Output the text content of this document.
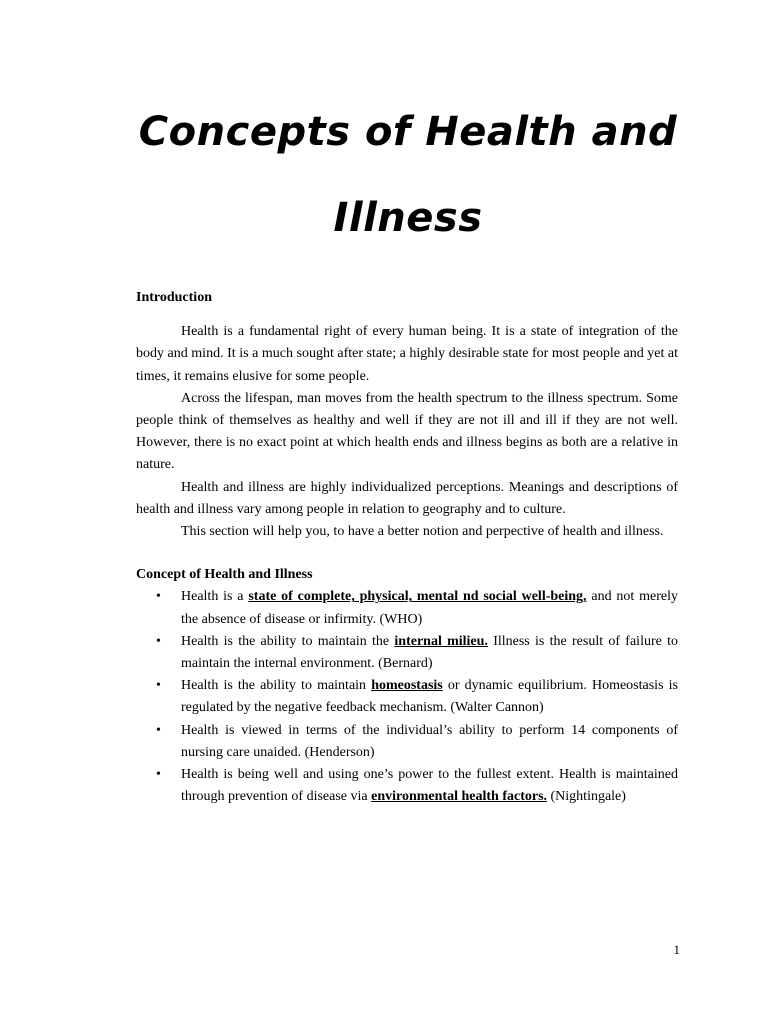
Concepts of Health and
Illness

Introduction

Health is a fundamental right of every human being. It is a state of integration of the body and mind. It is a much sought after state; a highly desirable state for most people and yet at times, it remains elusive for some people.

Across the lifespan, man moves from the health spectrum to the illness spectrum. Some people think of themselves as healthy and well if they are not ill and ill if they are not well. However, there is no exact point at which health ends and illness begins as both are a relative in nature.

Health and illness are highly individualized perceptions. Meanings and descriptions of health and illness vary among people in relation to geography and to culture.

This section will help you, to have a better notion and perpective of health and illness.

Concept of Health and Illness

• Health is a state of complete, physical, mental nd social well-being, and not merely the absence of disease or infirmity. (WHO)
• Health is the ability to maintain the internal milieu. Illness is the result of failure to maintain the internal environment. (Bernard)
• Health is the ability to maintain homeostasis or dynamic equilibrium. Homeostasis is regulated by the negative feedback mechanism. (Walter Cannon)
• Health is viewed in terms of the individual’s ability to perform 14 components of nursing care unaided. (Henderson)
• Health is being well and using one’s power to the fullest extent. Health is maintained through prevention of disease via environmental health factors. (Nightingale)
1
